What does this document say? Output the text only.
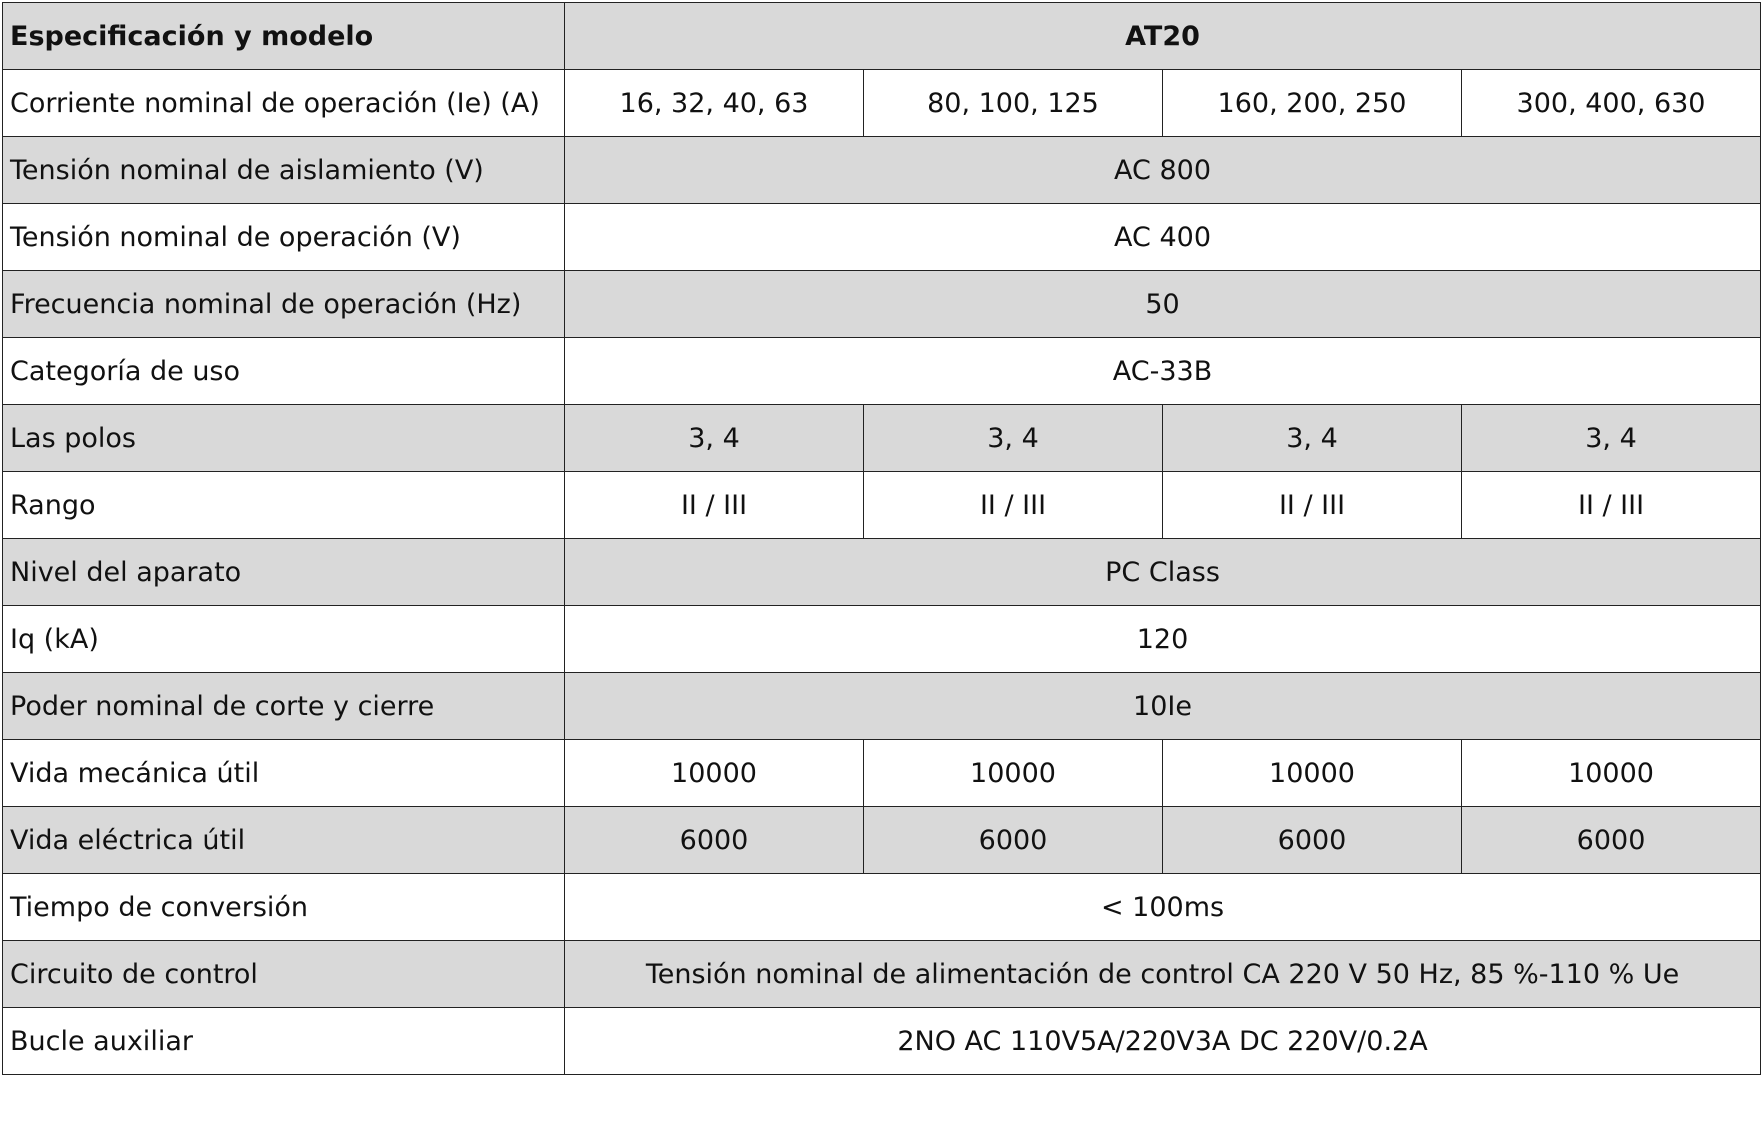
Especificación y modelo	AT20			
Corriente nominal de operación (Ie) (A)	16, 32, 40, 63	80, 100, 125	160, 200, 250	300, 400, 630
Tensión nominal de aislamiento (V)	AC 800			
Tensión nominal de operación (V)	AC 400			
Frecuencia nominal de operación (Hz)	50			
Categoría de uso	AC-33B			
Las polos	3, 4	3, 4	3, 4	3, 4
Rango	II / III	II / III	II / III	II / III
Nivel del aparato	PC Class			
Iq (kA)	120			
Poder nominal de corte y cierre	10Ie			
Vida mecánica útil	10000	10000	10000	10000
Vida eléctrica útil	6000	6000	6000	6000
Tiempo de conversión	< 100ms			
Circuito de control	Tensión nominal de alimentación de control CA 220 V 50 Hz, 85 %-110 % Ue			
Bucle auxiliar	2NO AC 110V5A/220V3A DC 220V/0.2A			
